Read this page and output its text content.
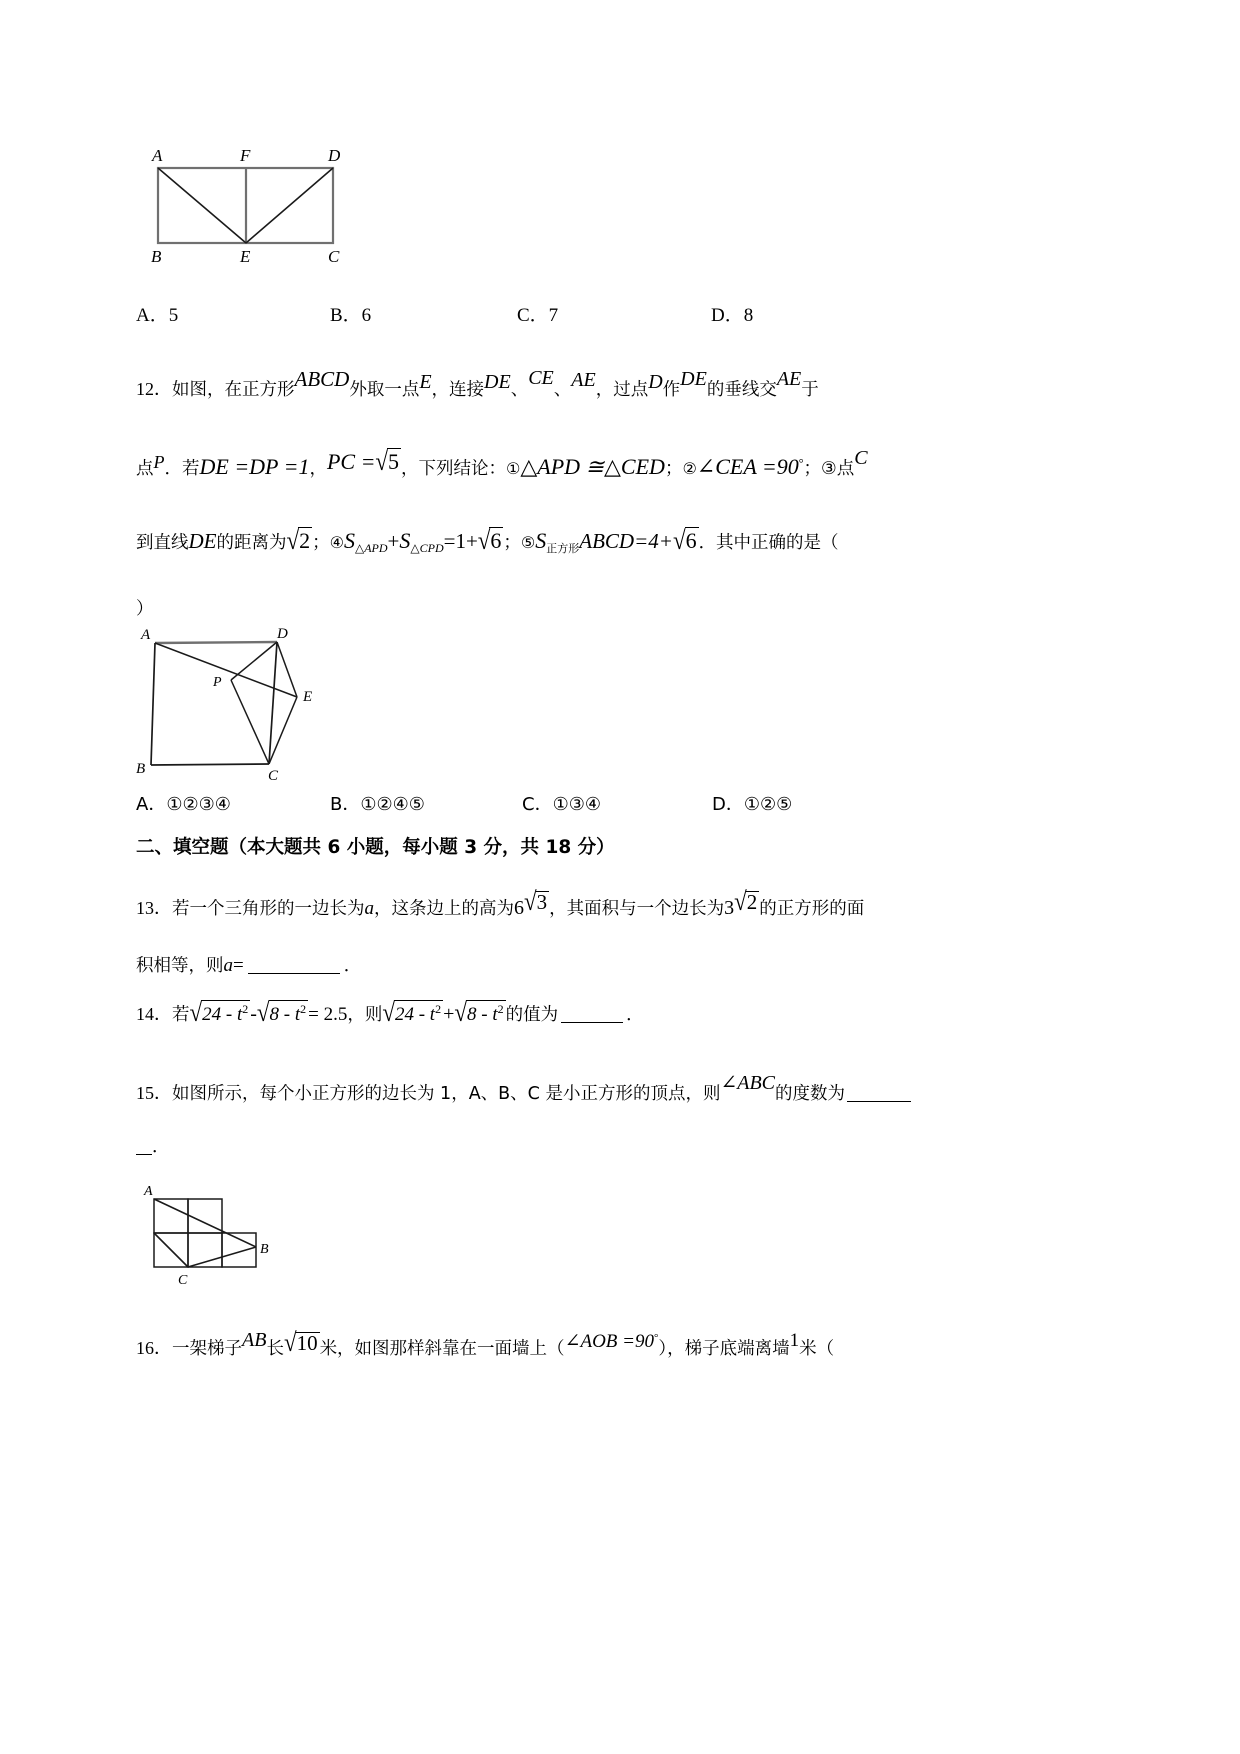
A	F	D
B	E	C
A．5	B．6	C．7	D．8
12．如图，在正方形ABCD外取一点E，连接DE、CE、AE，过点D作DE的垂线交AE于
点P．若DE =DP =1，PC =√5 ，下列结论：①△APD ≅△CED；②∠CEA =90°；③点C
到直线DE的距离为√2 ；$④S_{\triangle APD}+S_{\triangle CPD}=1+√6$ ；$⑤S_{正方形}ABCD=4+√6$ ．其中正确的是（
）
A	D
P
E
B	C
A．①②③④	B．①②④⑤	C．①③④	D．①②⑤
二、填空题（本大题共 6 小题，每小题 3 分，共 18 分）
13．若一个三角形的一边长为a，这条边上的高为6√3 ，其面积与一个边长为3√2 的正方形的面
积相等，则a=	．
14．若$√24 - t^2$ $-√8 - t^2 = 2.5$，则$√24 - t^2 +√8 - t^2$ 的值为	．
15．如图所示，每个小正方形的边长为 1，A、B、C 是小正方形的顶点，则∠ABC的度数为
．
A
B
C
16．一架梯子AB长√10 米，如图那样斜靠在一面墙上（∠AOB =90°），梯子底端离墙1米（
